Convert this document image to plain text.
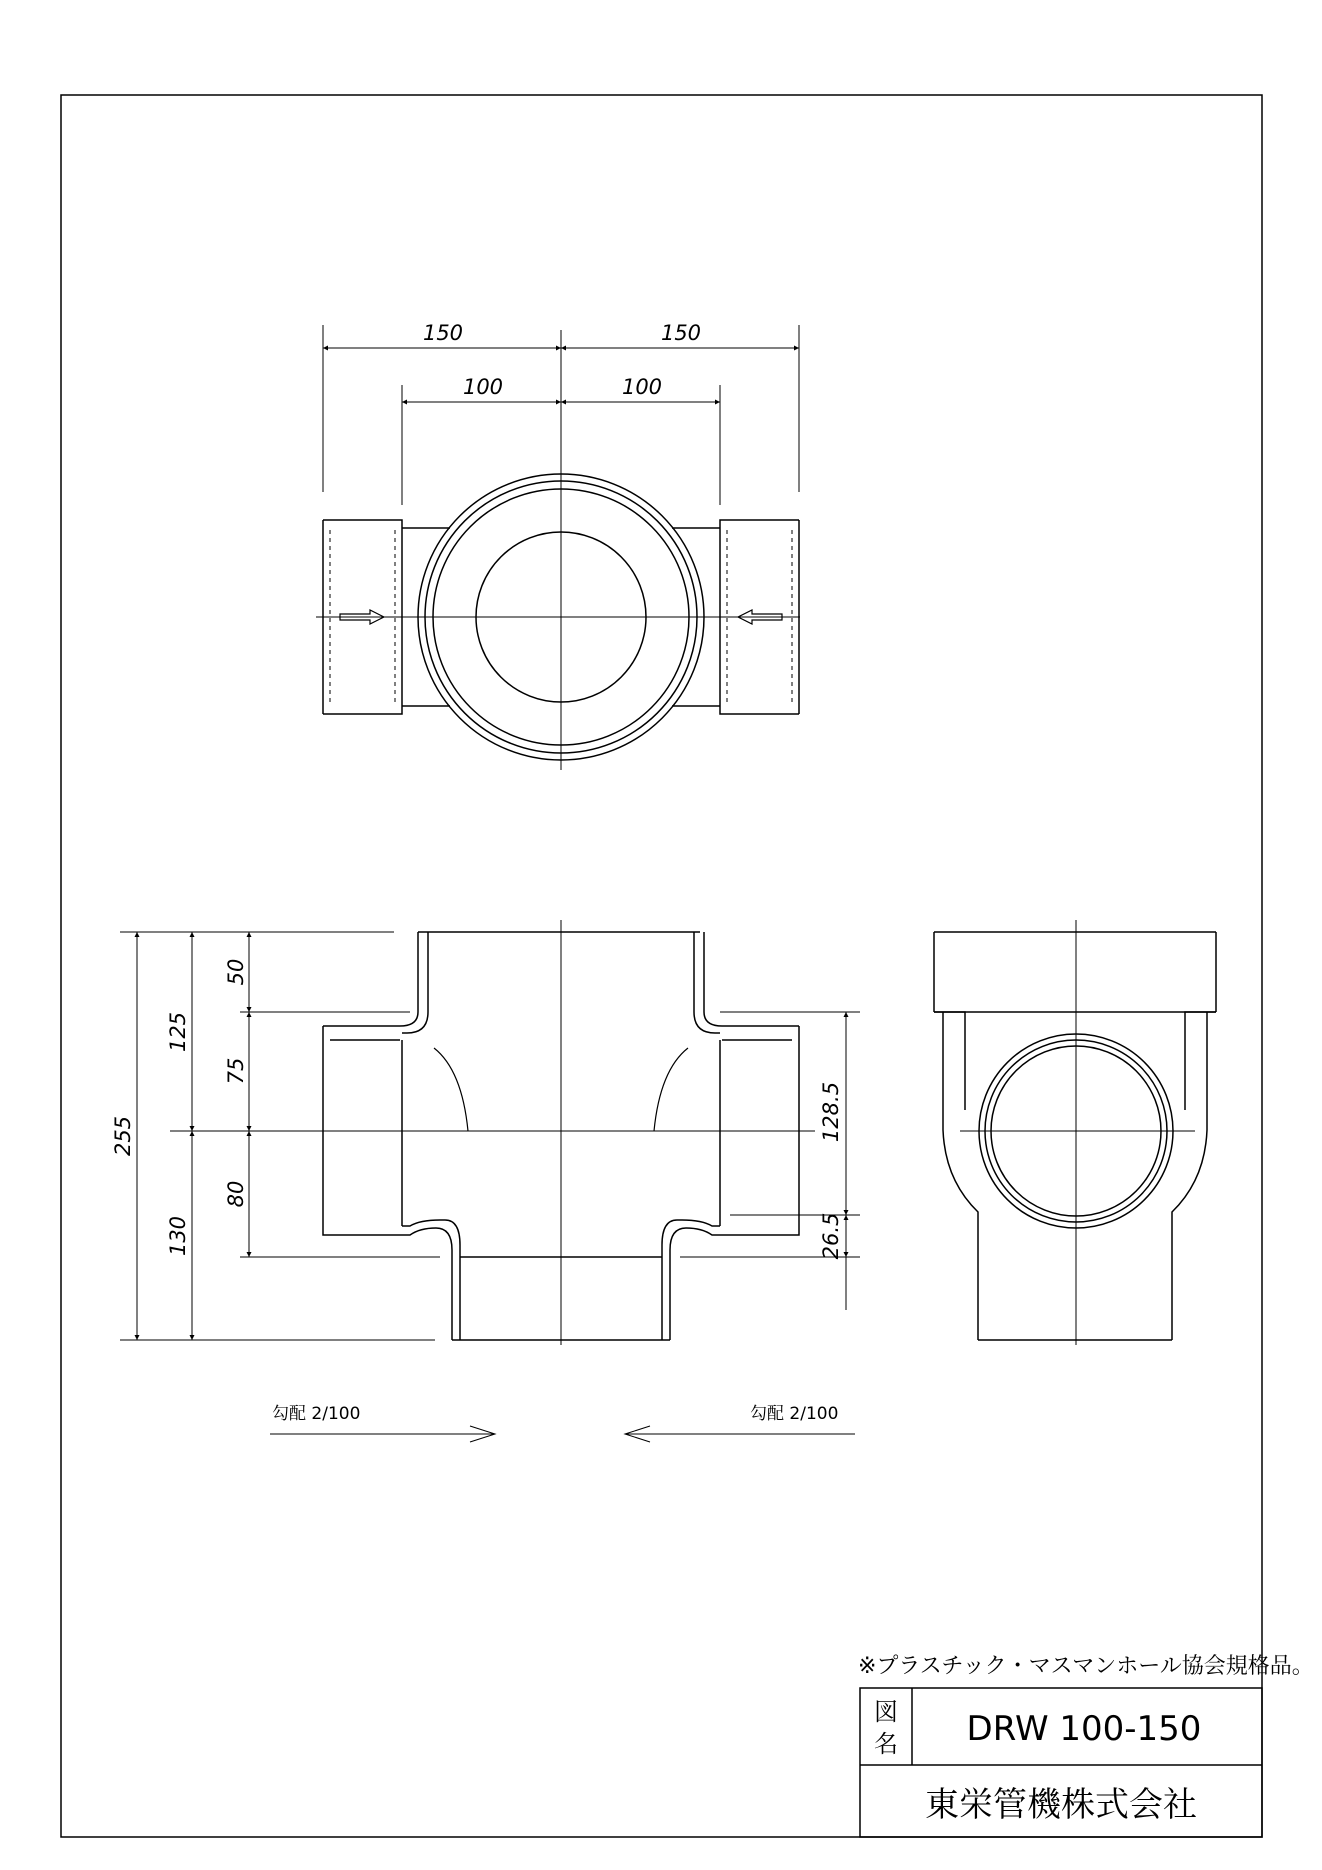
150	150
100	100
255
125
130
50
75
80
128.5
26.5
勾配 2/100	勾配 2/100
※プラスチック・マスマンホール協会規格品。
図
名 DRW 100-150
東栄管機株式会社
